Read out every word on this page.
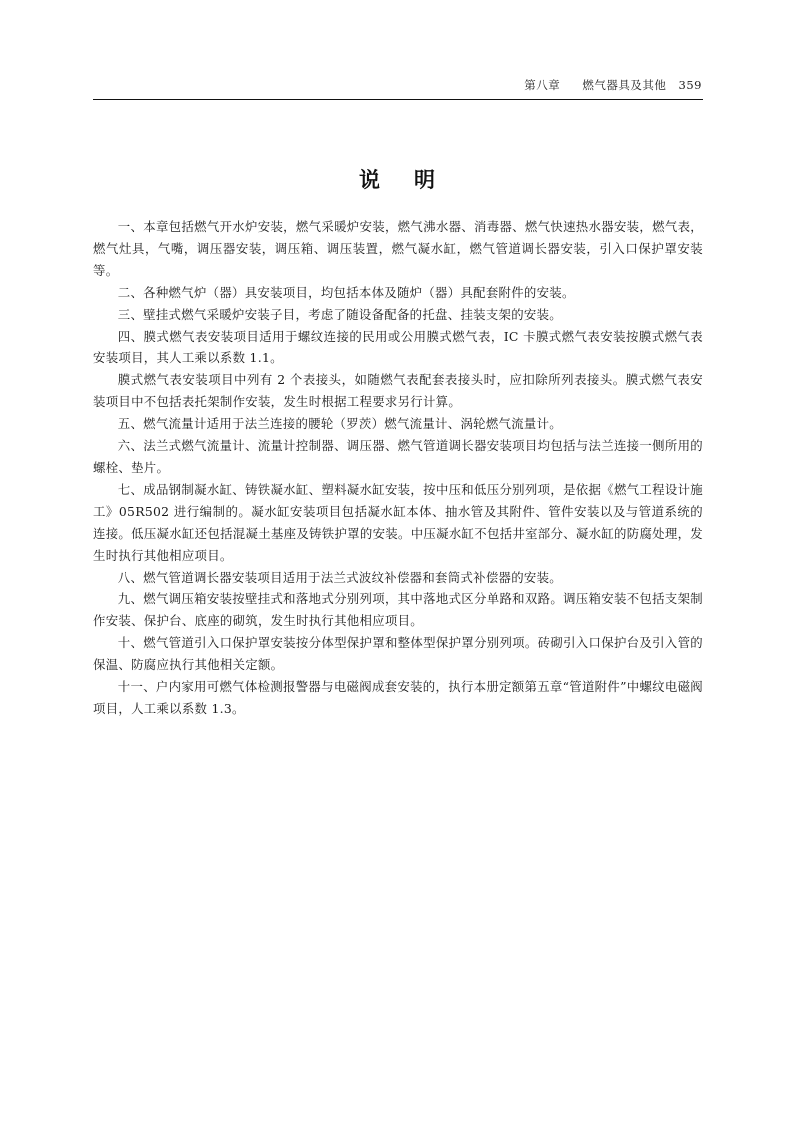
第八章 燃气器具及其他 359
说明

一、本章包括燃气开水炉安装，燃气采暖炉安装，燃气沸水器、消毒器、燃气快速热水器安装，燃气表，燃气灶具，气嘴，调压器安装，调压箱、调压装置，燃气凝水缸，燃气管道调长器安装，引入口保护罩安装等。

二、各种燃气炉（器）具安装项目，均包括本体及随炉（器）具配套附件的安装。

三、壁挂式燃气采暖炉安装子目，考虑了随设备配备的托盘、挂装支架的安装。

四、膜式燃气表安装项目适用于螺纹连接的民用或公用膜式燃气表，IC 卡膜式燃气表安装按膜式燃气表安装项目，其人工乘以系数 1.1。

膜式燃气表安装项目中列有 2 个表接头，如随燃气表配套表接头时，应扣除所列表接头。膜式燃气表安装项目中不包括表托架制作安装，发生时根据工程要求另行计算。

五、燃气流量计适用于法兰连接的腰轮（罗茨）燃气流量计、涡轮燃气流量计。

六、法兰式燃气流量计、流量计控制器、调压器、燃气管道调长器安装项目均包括与法兰连接一侧所用的螺栓、垫片。

七、成品钢制凝水缸、铸铁凝水缸、塑料凝水缸安装，按中压和低压分别列项，是依据《燃气工程设计施工》05R502 进行编制的。凝水缸安装项目包括凝水缸本体、抽水管及其附件、管件安装以及与管道系统的连接。低压凝水缸还包括混凝土基座及铸铁护罩的安装。中压凝水缸不包括井室部分、凝水缸的防腐处理，发生时执行其他相应项目。

八、燃气管道调长器安装项目适用于法兰式波纹补偿器和套筒式补偿器的安装。

九、燃气调压箱安装按壁挂式和落地式分别列项，其中落地式区分单路和双路。调压箱安装不包括支架制作安装、保护台、底座的砌筑，发生时执行其他相应项目。

十、燃气管道引入口保护罩安装按分体型保护罩和整体型保护罩分别列项。砖砌引入口保护台及引入管的保温、防腐应执行其他相关定额。

十一、户内家用可燃气体检测报警器与电磁阀成套安装的，执行本册定额第五章“管道附件”中螺纹电磁阀项目，人工乘以系数 1.3。
